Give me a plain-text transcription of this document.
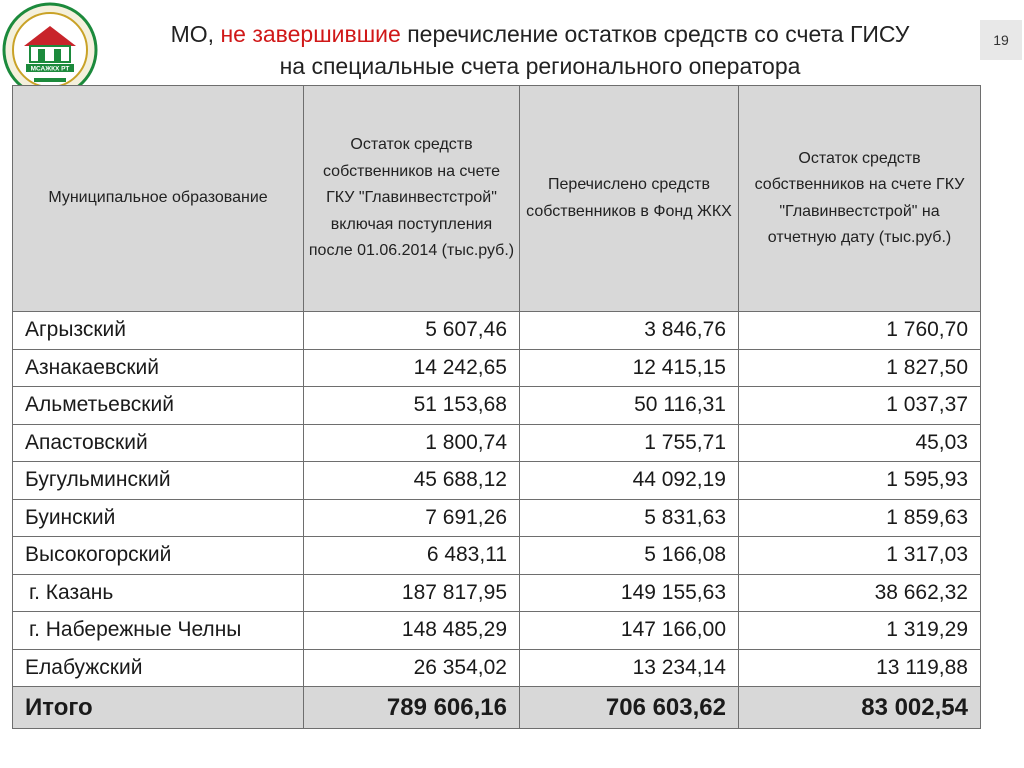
МСАЖКХ РТ
19
МО, не завершившие перечисление остатков средств со счета ГИСУ
на специальные счета регионального оператора
Муниципальное образование	Остаток средств собственников на счете ГКУ "Главинвестстрой" включая поступления после 01.06.2014 (тыс.руб.)	Перечислено средств собственников в Фонд ЖКХ	Остаток средств собственников на счете ГКУ "Главинвестстрой" на отчетную дату (тыс.руб.)
Агрызский	5 607,46	3 846,76	1 760,70
Азнакаевский	14 242,65	12 415,15	1 827,50
Альметьевский	51 153,68	50 116,31	1 037,37
Апастовский	1 800,74	1 755,71	45,03
Бугульминский	45 688,12	44 092,19	1 595,93
Буинский	7 691,26	5 831,63	1 859,63
Высокогорский	6 483,11	5 166,08	1 317,03
г. Казань	187 817,95	149 155,63	38 662,32
г. Набережные Челны	148 485,29	147 166,00	1 319,29
Елабужский	26 354,02	13 234,14	13 119,88
Итого	789 606,16	706 603,62	83 002,54
